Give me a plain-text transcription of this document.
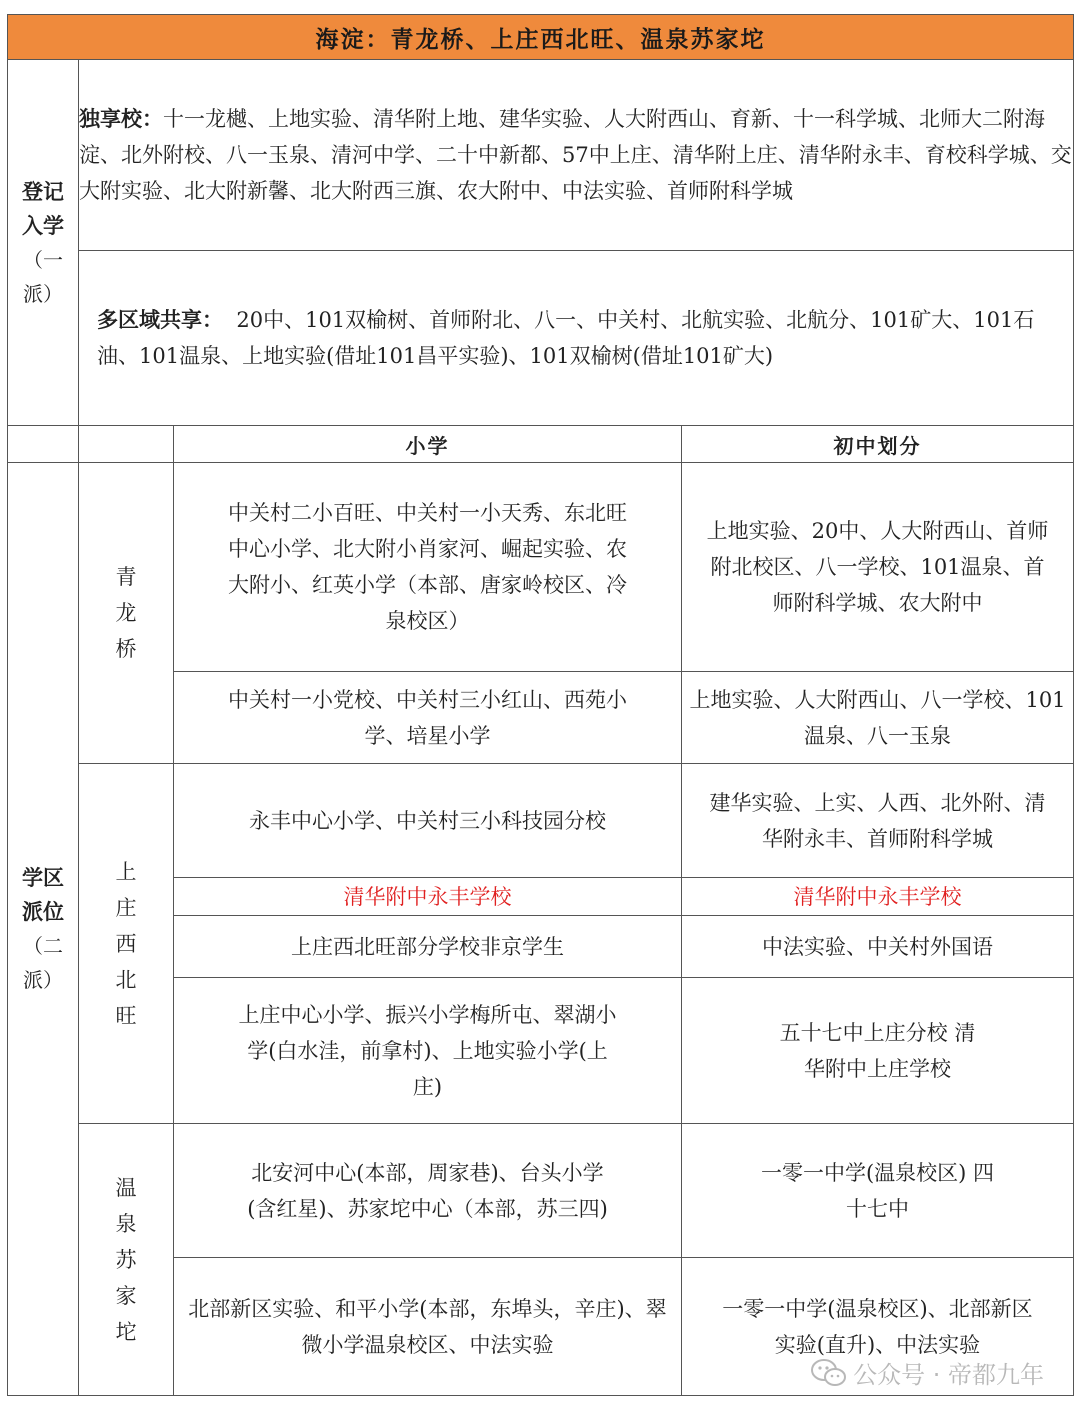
海淀：青龙桥、上庄西北旺、温泉苏家坨			

登记
入学
（一
派）	独享校：十一龙樾、上地实验、清华附上地、建华实验、人大附西山、育新、十一科学城、北师大二附海淀、北外附校、八一玉泉、清河中学、二十中新都、57中上庄、清华附上庄、清华附永丰、育校科学城、交大附实验、北大附新馨、北大附西三旗、农大附中、中法实验、首师附科学城		
	多区域共享： 20中、101双榆树、首师附北、八一、中关村、北航实验、北航分、101矿大、101石油、101温泉、上地实验(借址101昌平实验)、101双榆树(借址101矿大)		
		小学	初中划分

学区
派位
（二
派）	青
龙
桥	中关村二小百旺、中关村一小天秀、东北旺中心小学、北大附小肖家河、崛起实验、农大附小、红英小学（本部、唐家岭校区、冷泉校区）	上地实验、20中、人大附西山、首师附北校区、八一学校、101温泉、首师附科学城、农大附中
		中关村一小党校、中关村三小红山、西苑小学、培星小学	上地实验、人大附西山、八一学校、101温泉、八一玉泉

	上
庄
西
北
旺	永丰中心小学、中关村三小科技园分校	建华实验、上实、人西、北外附、清华附永丰、首师附科学城
		清华附中永丰学校	清华附中永丰学校
		上庄西北旺部分学校非京学生	中法实验、中关村外国语
		上庄中心小学、振兴小学梅所屯、翠湖小学(白水洼，前拿村)、上地实验小学(上庄)	五十七中上庄分校 清华附中上庄学校

	温
泉
苏
家
坨	北安河中心(本部，周家巷)、台头小学(含红星)、苏家坨中心（本部，苏三四)	一零一中学(温泉校区) 四十七中
		北部新区实验、和平小学(本部，东埠头，辛庄)、翠微小学温泉校区、中法实验	一零一中学(温泉校区)、北部新区实验(直升)、中法实验
公众号 · 帝都九年
